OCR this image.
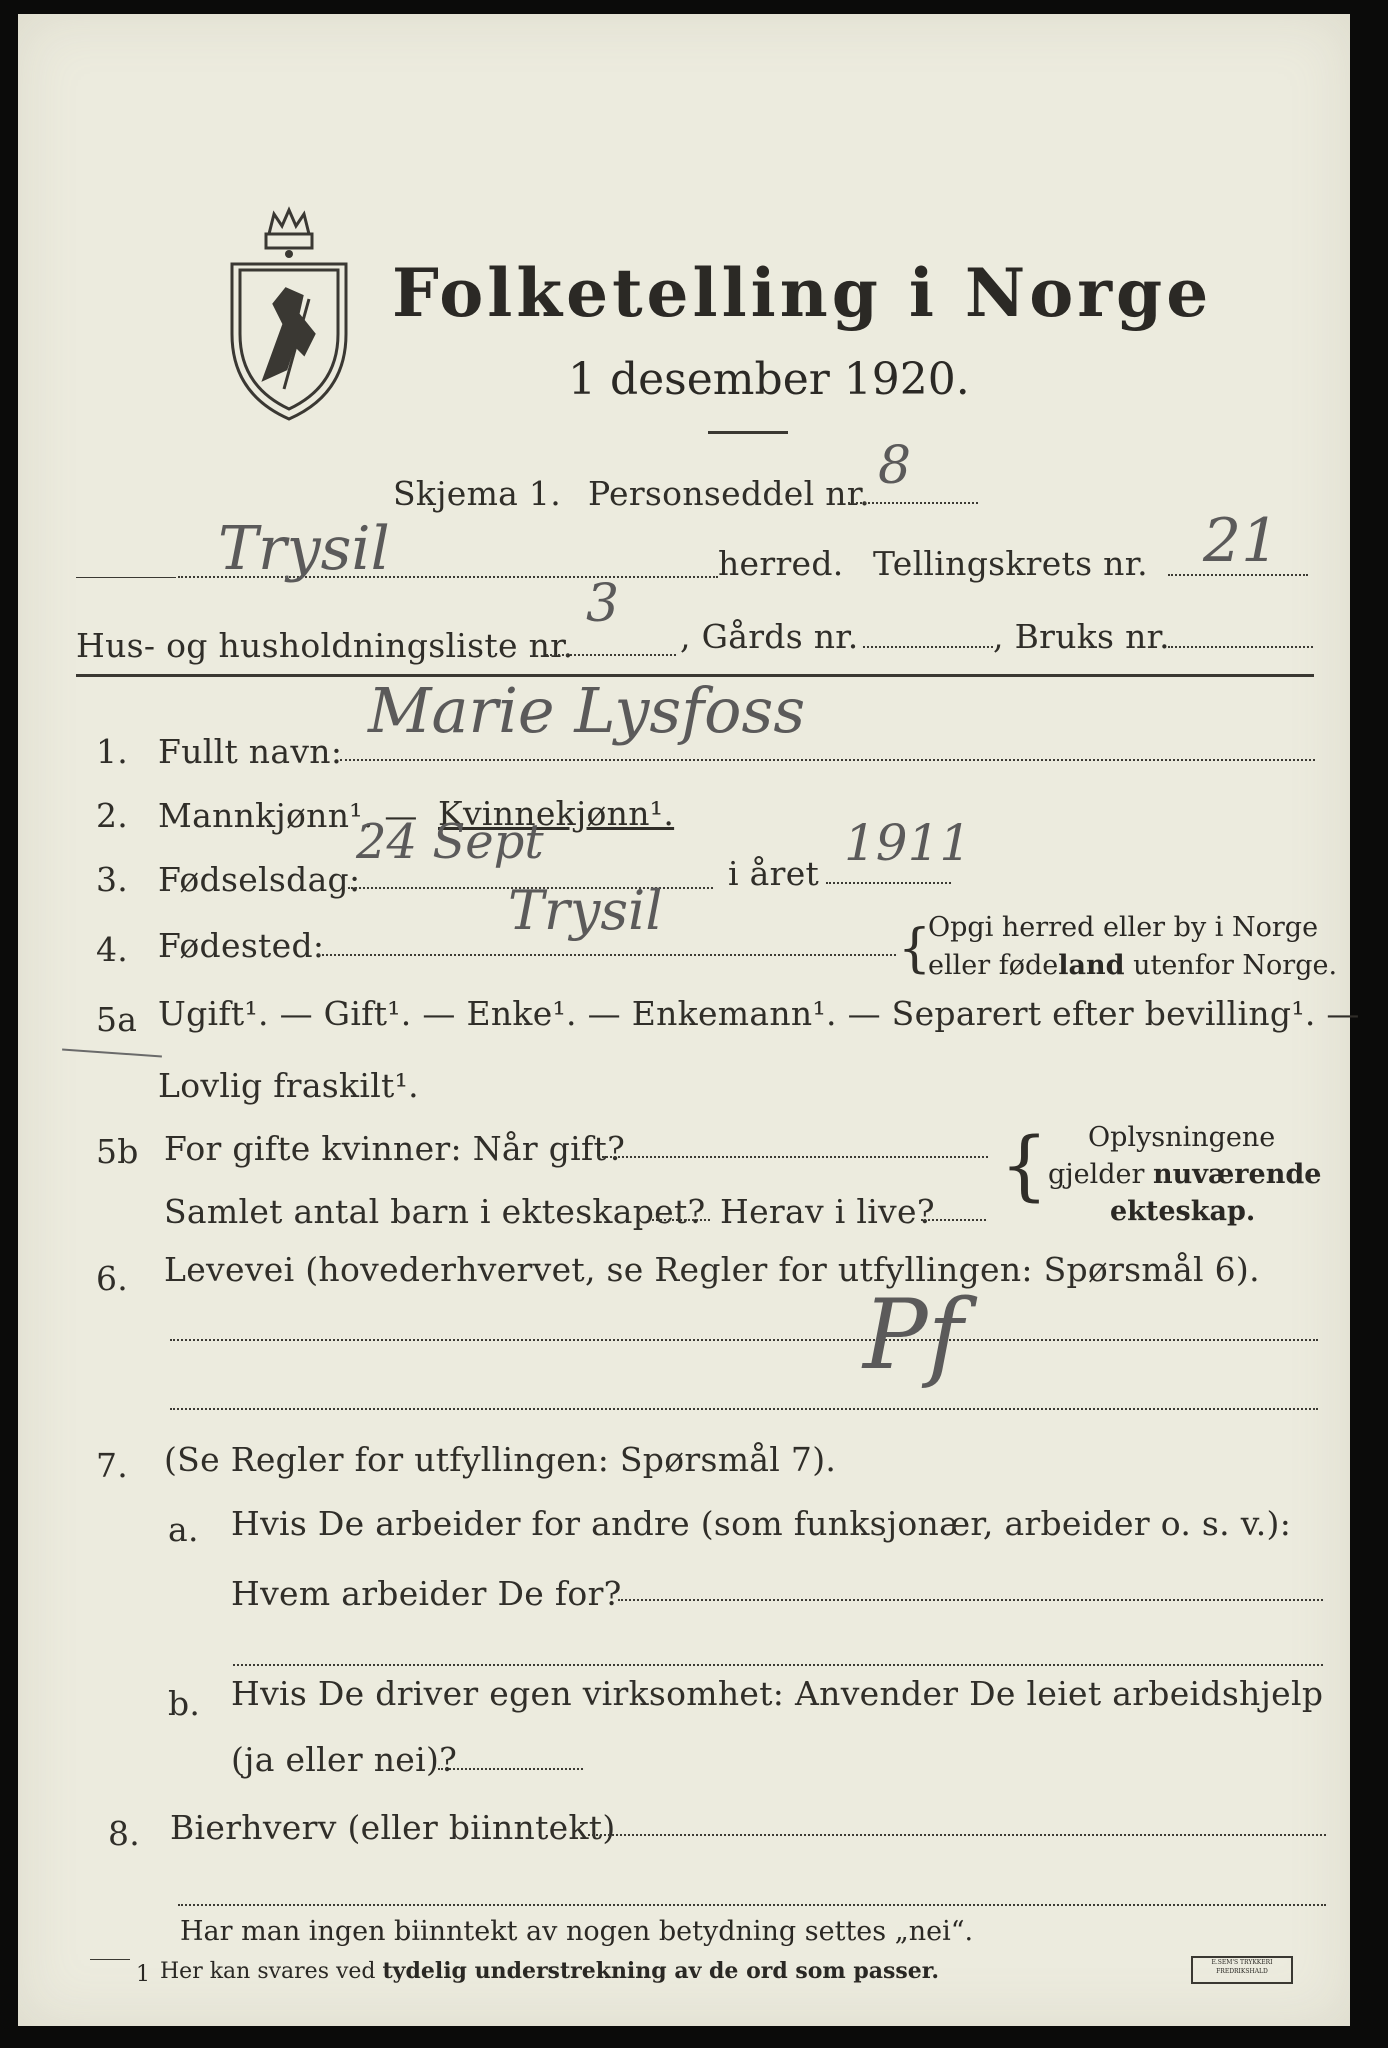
Folketelling i Norge
1 desember 1920.
Skjema 1. Personseddel nr. 8
Trysil	herred. Tellingskrets nr. 21
Hus- og husholdningsliste nr.
3
, Gårds nr.	, Bruks nr.
1. Fullt navn:
Marie Lysfoss
2. Mannkjønn¹. — Kvinnekjønn¹.
3. Fødselsdag:
24 Sept
i året
1911
4. Fødested:
Trysil
{
Opgi herred eller by i Norge
eller fødeland utenfor Norge.
5a Ugift¹. — Gift¹. — Enke¹. — Enkemann¹. — Separert efter bevilling¹. —
Lovlig fraskilt¹.
5b For gifte kvinner: Når gift?
Samlet antal barn i ekteskapet? Herav i live?
{ Oplysningene
gjelder nuværende
ekteskap.
6. Levevei (hovederhvervet, se Regler for utfyllingen: Spørsmål 6).
Pf
7. (Se Regler for utfyllingen: Spørsmål 7).
a. Hvis De arbeider for andre (som funksjonær, arbeider o. s. v.):
Hvem arbeider De for?
b. Hvis De driver egen virksomhet: Anvender De leiet arbeidshjelp
(ja eller nei)?
8. Bierhverv (eller biinntekt)
Har man ingen biinntekt av nogen betydning settes „nei“.
1 Her kan svares ved tydelig understrekning av de ord som passer.	E.SEM'S TRYKKERI
FREDRIKSHALD
